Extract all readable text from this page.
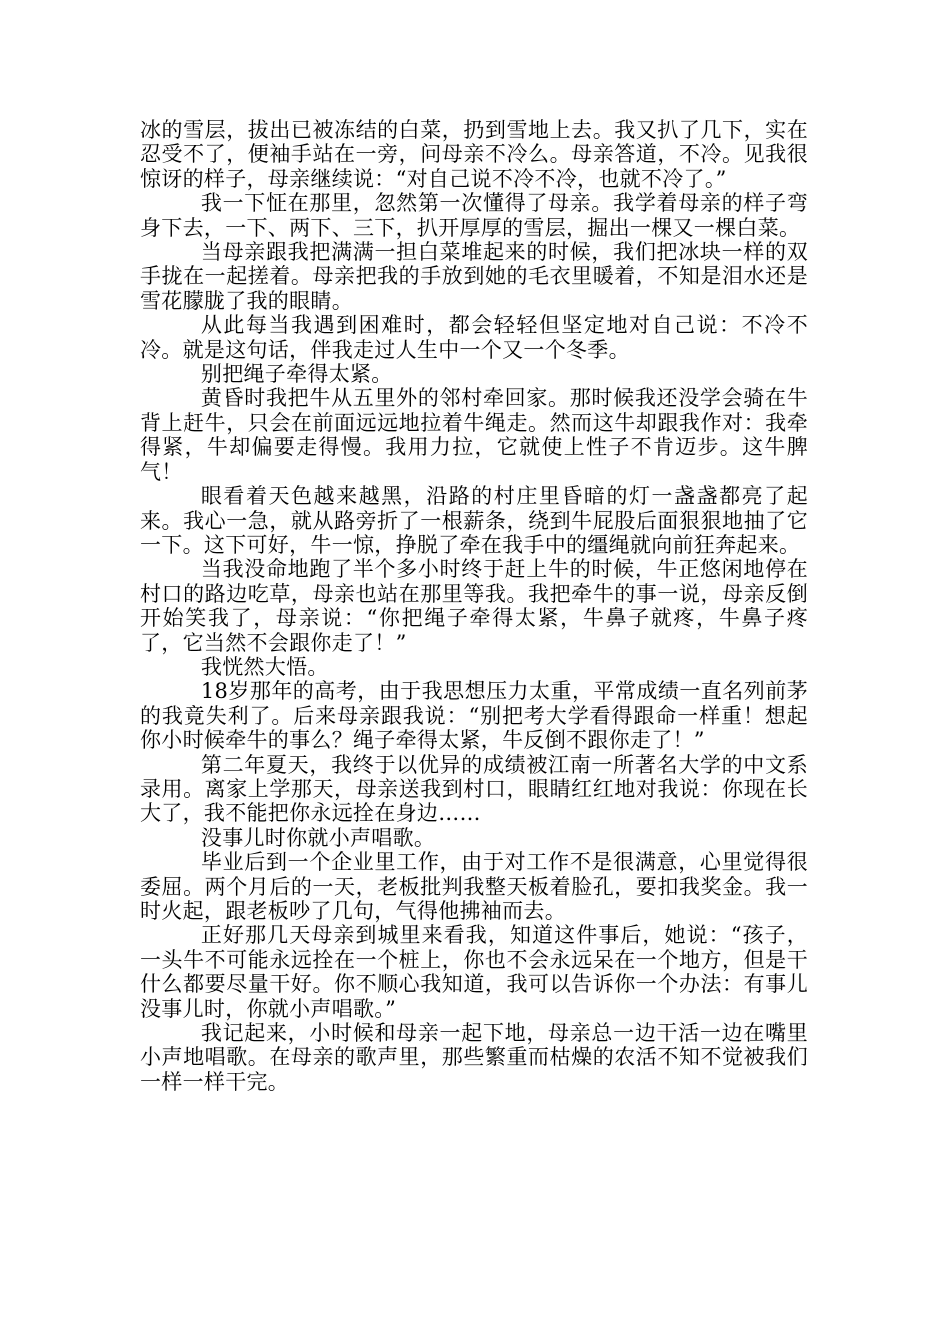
冰的雪层，拔出已被冻结的白菜，扔到雪地上去。我又扒了几下，实在忍受不了，便袖手站在一旁，问母亲不冷么。母亲答道，不冷。见我很惊讶的样子，母亲继续说：“对自己说不冷不冷，也就不冷了。”

我一下怔在那里，忽然第一次懂得了母亲。我学着母亲的样子弯身下去，一下、两下、三下，扒开厚厚的雪层，掘出一棵又一棵白菜。

当母亲跟我把满满一担白菜堆起来的时候，我们把冰块一样的双手拢在一起搓着。母亲把我的手放到她的毛衣里暖着，不知是泪水还是雪花朦胧了我的眼睛。

从此每当我遇到困难时，都会轻轻但坚定地对自己说：不冷不冷。就是这句话，伴我走过人生中一个又一个冬季。

别把绳子牵得太紧。

黄昏时我把牛从五里外的邻村牵回家。那时候我还没学会骑在牛背上赶牛，只会在前面远远地拉着牛绳走。然而这牛却跟我作对：我牵得紧，牛却偏要走得慢。我用力拉，它就使上性子不肯迈步。这牛脾气！

眼看着天色越来越黑，沿路的村庄里昏暗的灯一盏盏都亮了起来。我心一急，就从路旁折了一根薪条，绕到牛屁股后面狠狠地抽了它一下。这下可好，牛一惊，挣脱了牵在我手中的缰绳就向前狂奔起来。

当我没命地跑了半个多小时终于赶上牛的时候，牛正悠闲地停在村口的路边吃草，母亲也站在那里等我。我把牵牛的事一说，母亲反倒开始笑我了，母亲说：“你把绳子牵得太紧，牛鼻子就疼，牛鼻子疼了，它当然不会跟你走了！”

我恍然大悟。

18岁那年的高考，由于我思想压力太重，平常成绩一直名列前茅的我竟失利了。后来母亲跟我说：“别把考大学看得跟命一样重！想起你小时候牵牛的事么？绳子牵得太紧，牛反倒不跟你走了！”

第二年夏天，我终于以优异的成绩被江南一所著名大学的中文系录用。离家上学那天，母亲送我到村口，眼睛红红地对我说：你现在长大了，我不能把你永远拴在身边……

没事儿时你就小声唱歌。

毕业后到一个企业里工作，由于对工作不是很满意，心里觉得很委屈。两个月后的一天，老板批判我整天板着脸孔，要扣我奖金。我一时火起，跟老板吵了几句，气得他拂袖而去。

正好那几天母亲到城里来看我，知道这件事后，她说：“孩子，一头牛不可能永远拴在一个桩上，你也不会永远呆在一个地方，但是干什么都要尽量干好。你不顺心我知道，我可以告诉你一个办法：有事儿没事儿时，你就小声唱歌。”

我记起来，小时候和母亲一起下地，母亲总一边干活一边在嘴里小声地唱歌。在母亲的歌声里，那些繁重而枯燥的农活不知不觉被我们一样一样干完。
